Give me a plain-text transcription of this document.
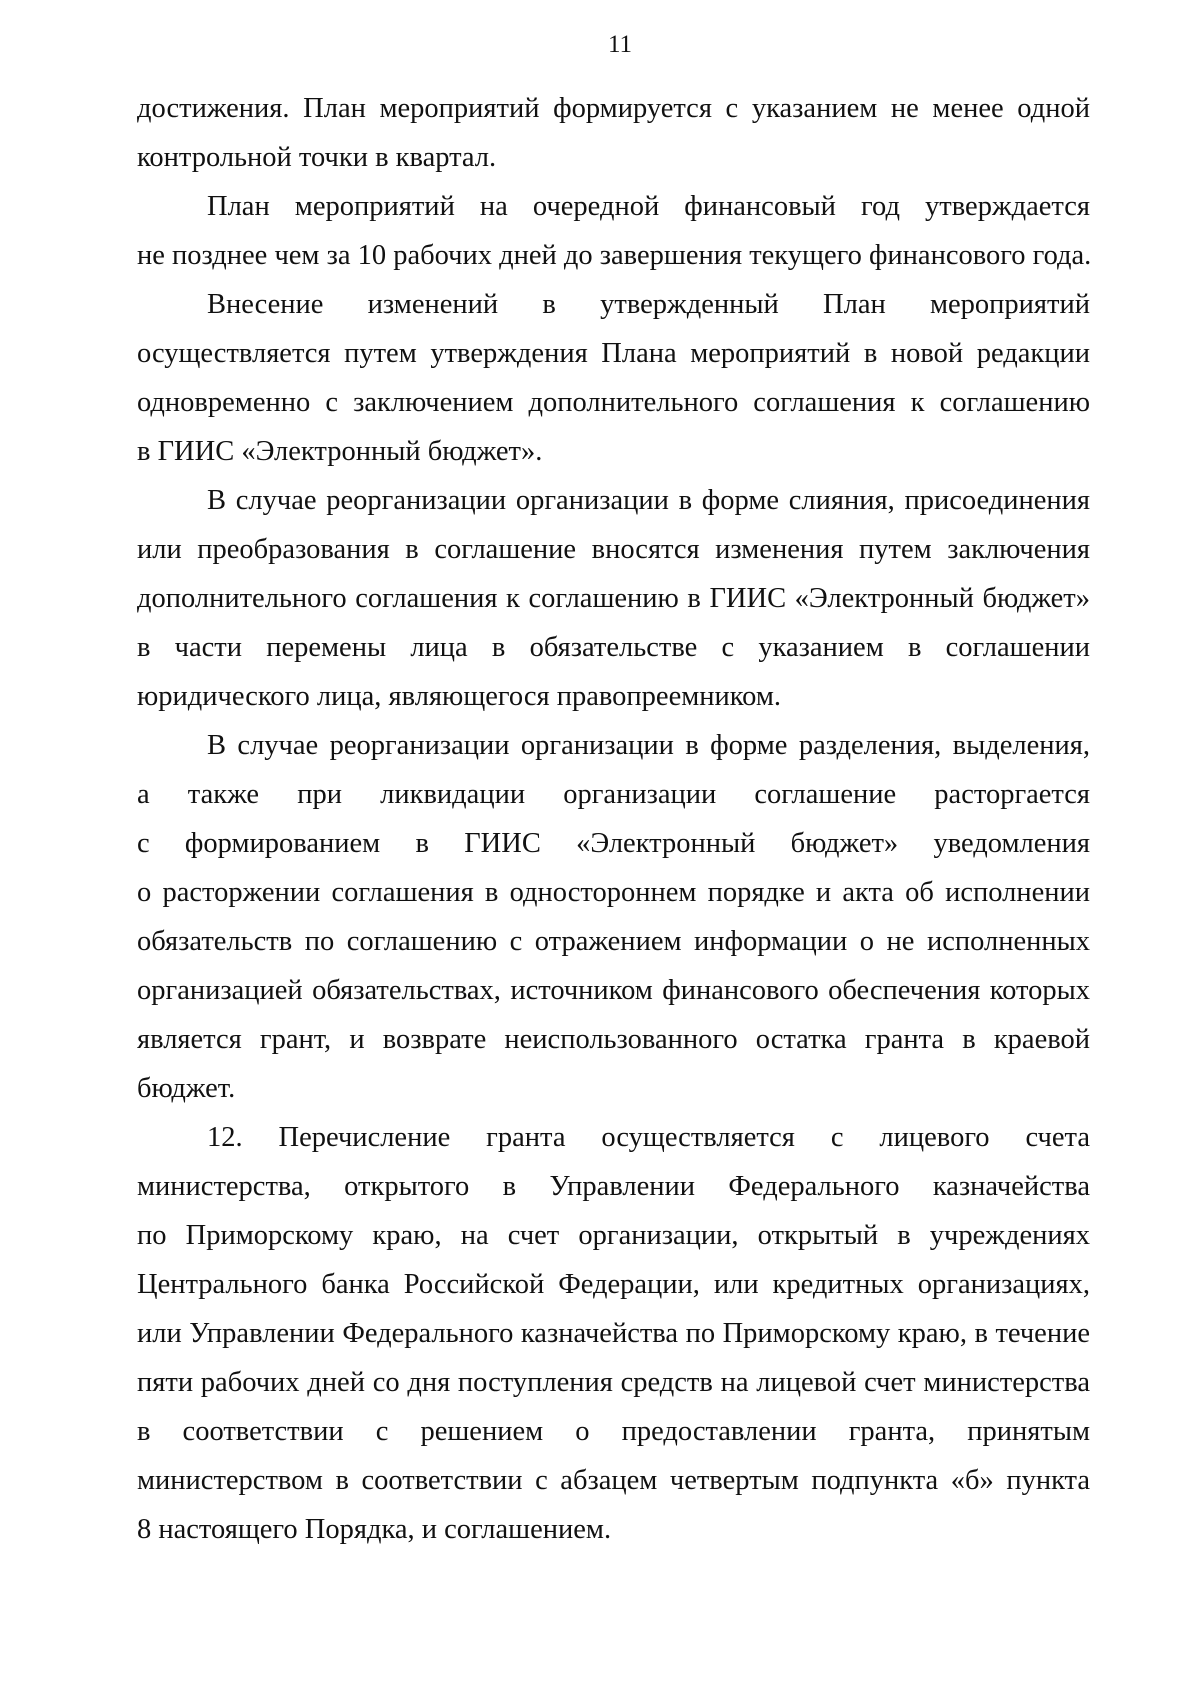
11
достижения. План мероприятий формируется с указанием не менее одной
контрольной точки в квартал.
План мероприятий на очередной финансовый год утверждается
не позднее чем за 10 рабочих дней до завершения текущего финансового года.
Внесение изменений в утвержденный План мероприятий
осуществляется путем утверждения Плана мероприятий в новой редакции
одновременно с заключением дополнительного соглашения к соглашению
в ГИИС «Электронный бюджет».
В случае реорганизации организации в форме слияния, присоединения
или преобразования в соглашение вносятся изменения путем заключения
дополнительного соглашения к соглашению в ГИИС «Электронный бюджет»
в части перемены лица в обязательстве с указанием в соглашении
юридического лица, являющегося правопреемником.
В случае реорганизации организации в форме разделения, выделения,
а также при ликвидации организации соглашение расторгается
с формированием в ГИИС «Электронный бюджет» уведомления
о расторжении соглашения в одностороннем порядке и акта об исполнении
обязательств по соглашению с отражением информации о не исполненных
организацией обязательствах, источником финансового обеспечения которых
является грант, и возврате неиспользованного остатка гранта в краевой
бюджет.
12. Перечисление гранта осуществляется с лицевого счета
министерства, открытого в Управлении Федерального казначейства
по Приморскому краю, на счет организации, открытый в учреждениях
Центрального банка Российской Федерации, или кредитных организациях,
или Управлении Федерального казначейства по Приморскому краю, в течение
пяти рабочих дней со дня поступления средств на лицевой счет министерства
в соответствии с решением о предоставлении гранта, принятым
министерством в соответствии с абзацем четвертым подпункта «б» пункта
8 настоящего Порядка, и соглашением.
